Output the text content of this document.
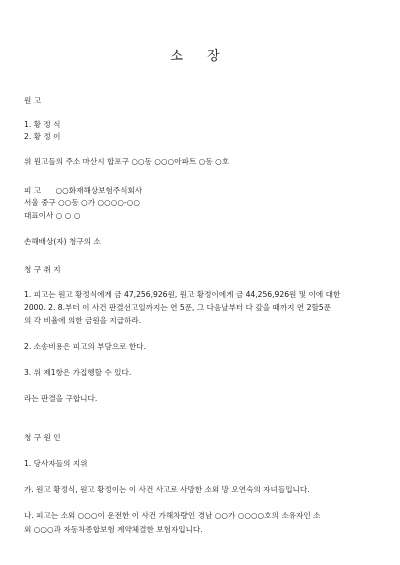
소 장
원 고
1. 황 정 식
2. 황 정 이
위 원고들의 주소 마산시 합포구 ○○동 ○○○아파트 ○동 ○호
피 고 ○○화재해상보험주식회사
서울 중구 ○○동 ○가 ○○○○-○○
대표이사 ○ ○ ○
손해배상(자) 청구의 소
청 구 취 지
1. 피고는 원고 황정식에게 금 47,256,926원, 원고 황정이에게 금 44,256,926원 및 이에 대한
2000. 2. 8.부터 이 사건 판결선고일까지는 연 5푼, 그 다음날부터 다 갚을 때까지 연 2할5푼
의 각 비율에 의한 금원을 지급하라.
2. 소송비용은 피고의 부담으로 한다.
3. 위 제1항은 가집행할 수 있다.
라는 판결을 구합니다.
청 구 원 인
1. 당사자들의 지위
가. 원고 황정식, 원고 황정이는 이 사건 사고로 사망한 소외 망 오연숙의 자녀들입니다.
나. 피고는 소외 ○○○이 운전한 이 사건 가해차량인 경남 ○○가 ○○○○호의 소유자인 소
외 ○○○과 자동차종합보험 계약체결한 보험자입니다.
